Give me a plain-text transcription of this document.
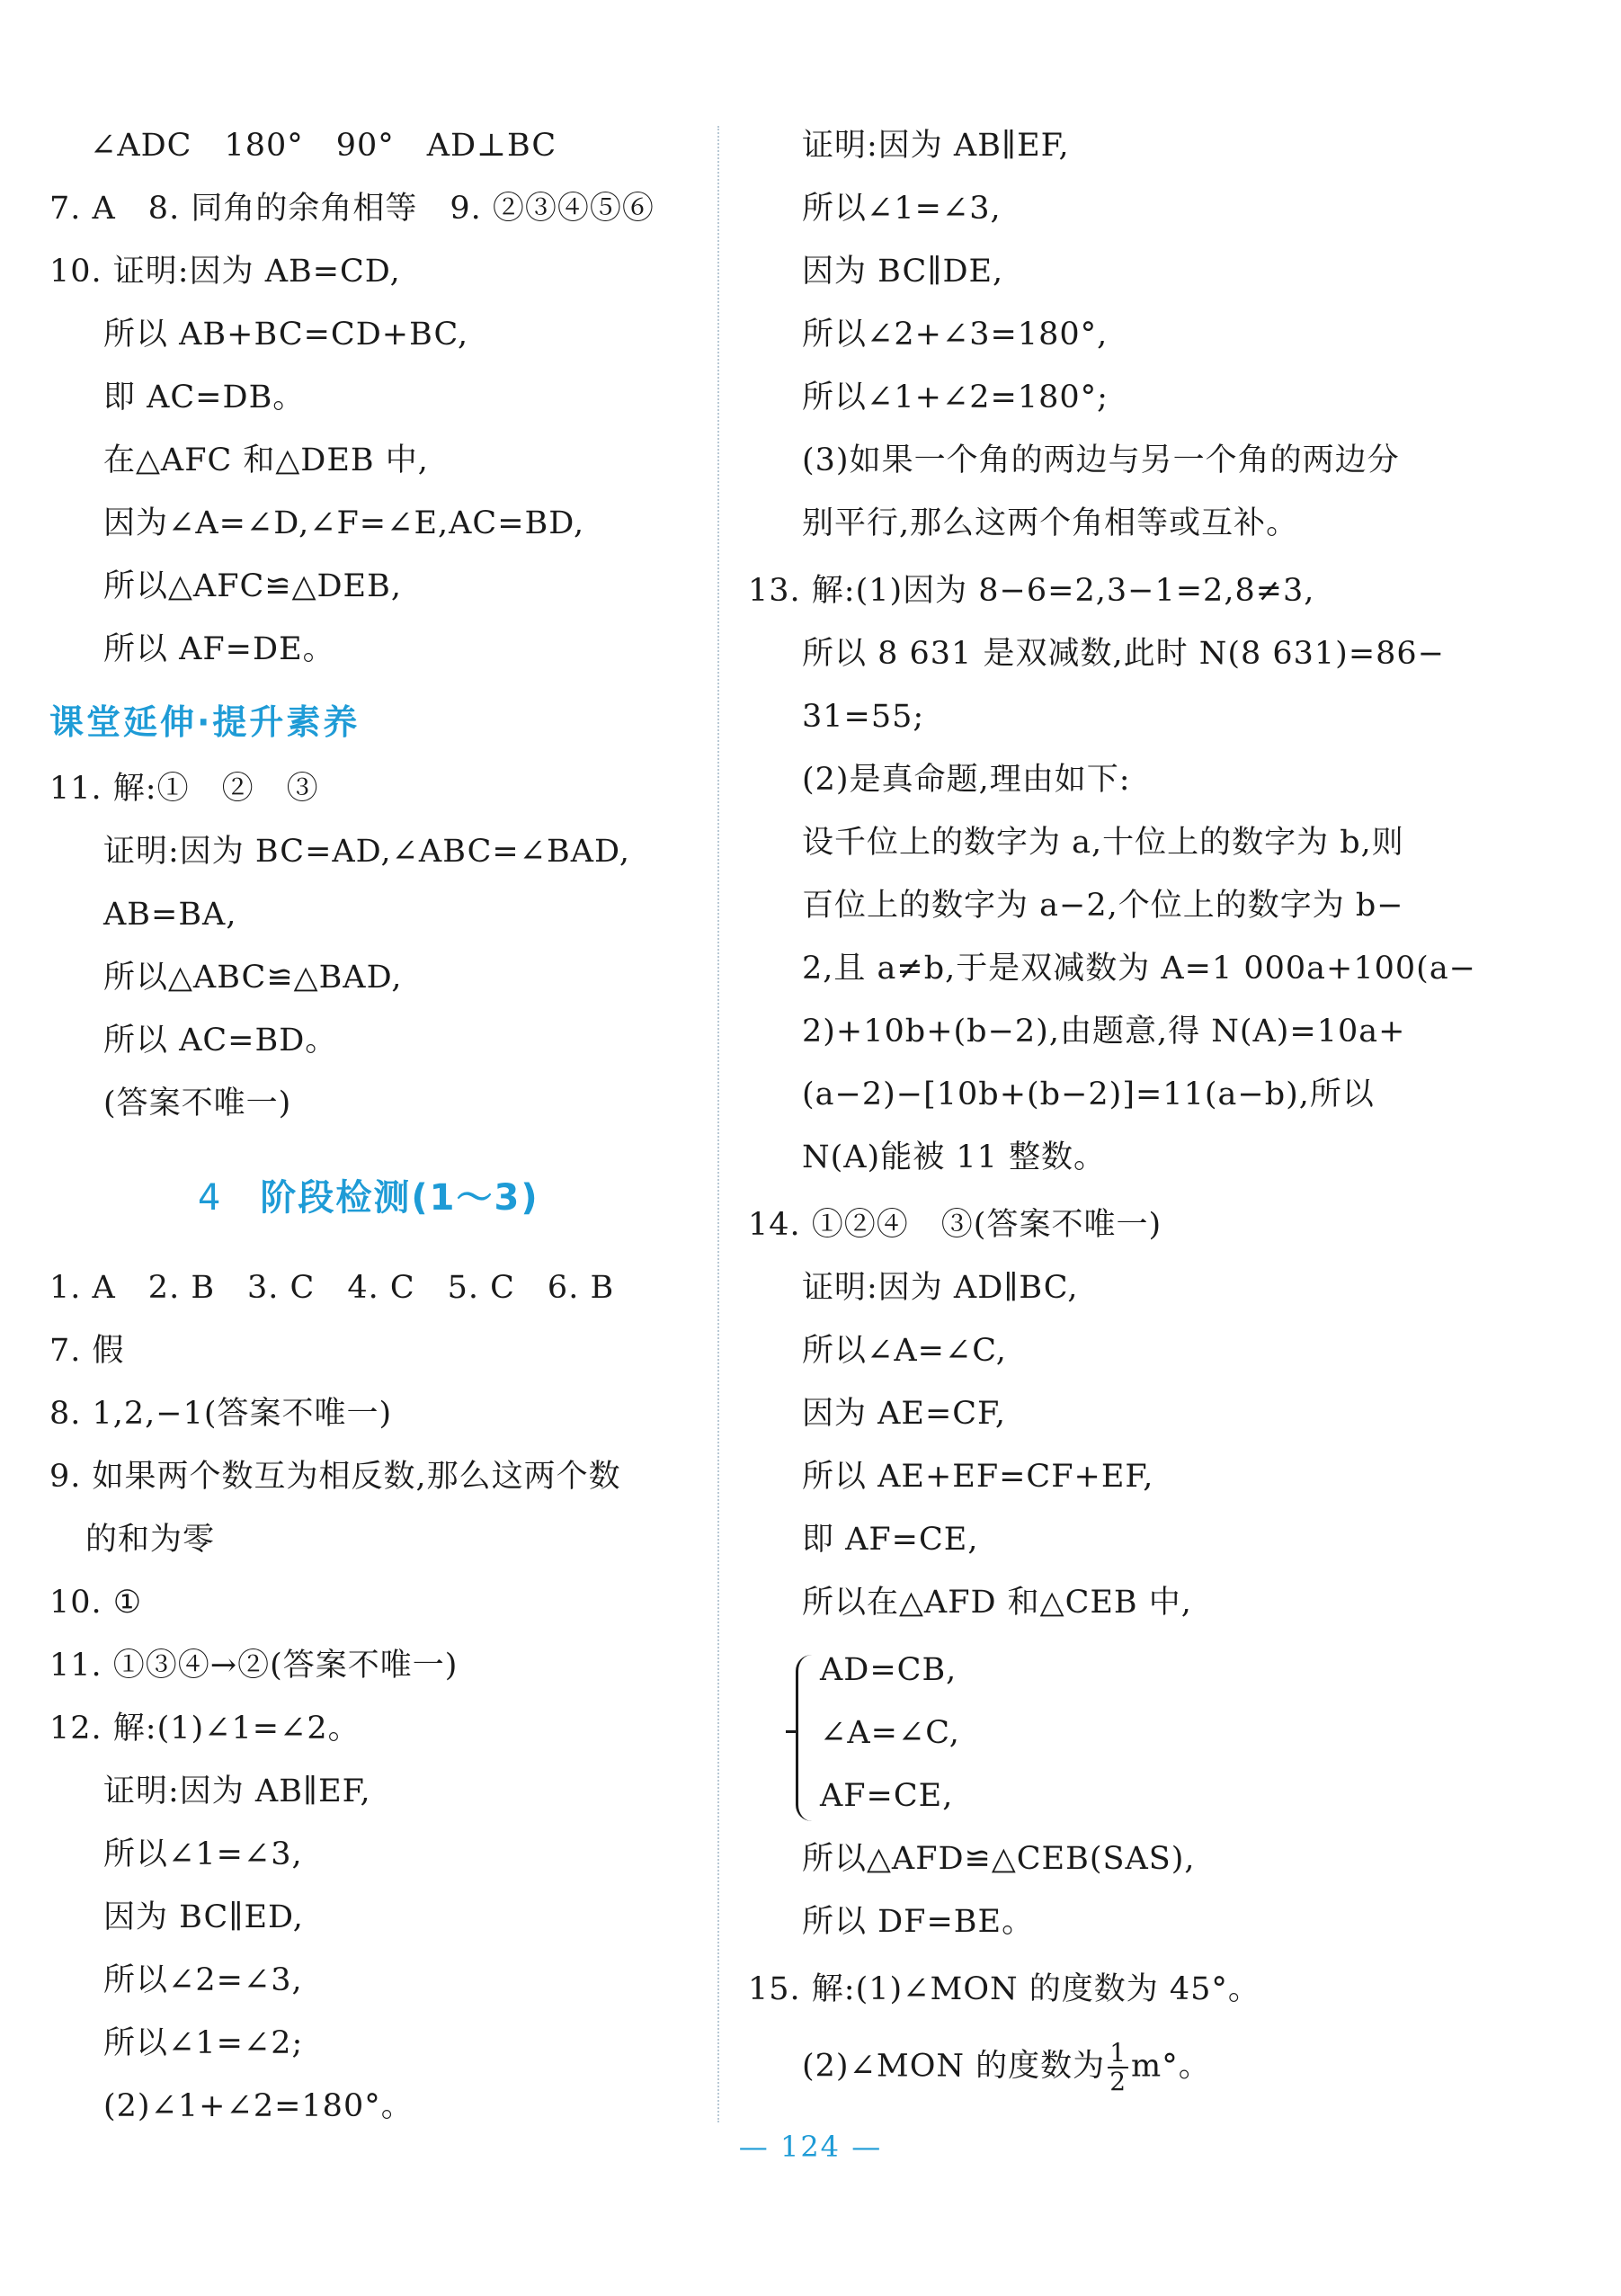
∠ADC　180°　90°　AD⊥BC
7. A　8. 同角的余角相等　9. ②③④⑤⑥
10. 证明:因为 AB=CD,
所以 AB+BC=CD+BC,
即 AC=DB。
在△AFC 和△DEB 中,
因为∠A=∠D,∠F=∠E,AC=BD,
所以△AFC≌△DEB,
所以 AF=DE。
课堂延伸·提升素养
11. 解:①　②　③
证明:因为 BC=AD,∠ABC=∠BAD,
AB=BA,
所以△ABC≌△BAD,
所以 AC=BD。
(答案不唯一)
4 阶段检测(1～3)
1. A　2. B　3. C　4. C　5. C　6. B
7. 假
8. 1,2,−1(答案不唯一)
9. 如果两个数互为相反数,那么这两个数
的和为零
10. ①
11. ①③④→②(答案不唯一)
12. 解:(1)∠1=∠2。
证明:因为 AB∥EF,
所以∠1=∠3,
因为 BC∥ED,
所以∠2=∠3,
所以∠1=∠2;
(2)∠1+∠2=180°。
证明:因为 AB∥EF,
所以∠1=∠3,
因为 BC∥DE,
所以∠2+∠3=180°,
所以∠1+∠2=180°;
(3)如果一个角的两边与另一个角的两边分
别平行,那么这两个角相等或互补。
13. 解:(1)因为 8−6=2,3−1=2,8≠3,
所以 8 631 是双减数,此时 N(8 631)=86−
31=55;
(2)是真命题,理由如下:
设千位上的数字为 a,十位上的数字为 b,则
百位上的数字为 a−2,个位上的数字为 b−
2,且 a≠b,于是双减数为 A=1 000a+100(a−
2)+10b+(b−2),由题意,得 N(A)=10a+
(a−2)−[10b+(b−2)]=11(a−b),所以
N(A)能被 11 整数。
14. ①②④　③(答案不唯一)
证明:因为 AD∥BC,
所以∠A=∠C,
因为 AE=CF,
所以 AE+EF=CF+EF,
即 AF=CE,
所以在△AFD 和△CEB 中,
AD=CB,
∠A=∠C,
AF=CE,
所以△AFD≌△CEB(SAS),
所以 DF=BE。
15. 解:(1)∠MON 的度数为 45°。
(2)∠MON 的度数为 $\frac{1}{2} m^\circ$。
— 124 —
